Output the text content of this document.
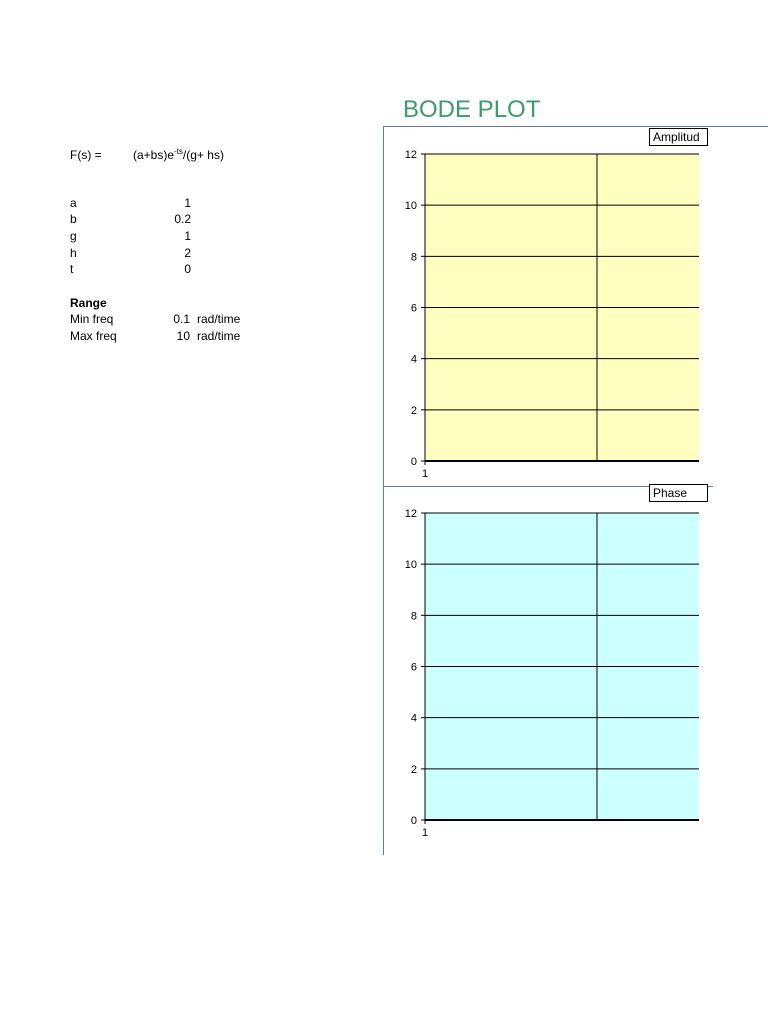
BODE PLOT
F(s) =	$(a+bs)e^{-ts}/(g+ hs)$
a	1
b	0.2
g	1
h	2
t	0
Range
Min freq	0.1 rad/time
Max freq	10 rad/time
0
2
4
6
8
10
12
1
0
2
4
6
8
10
12
1
Amplitud
Phase
